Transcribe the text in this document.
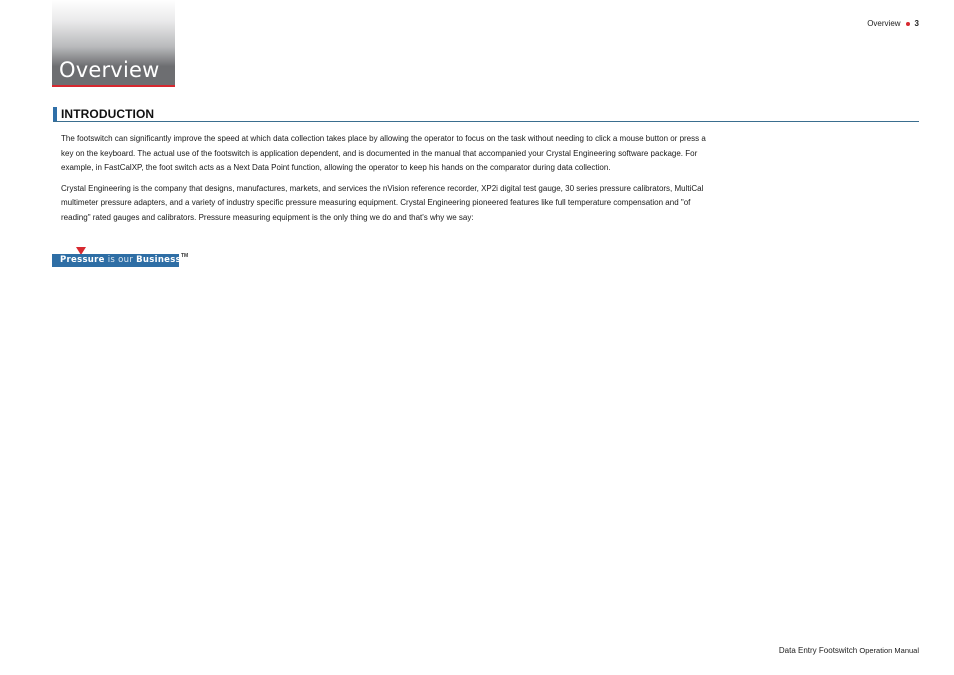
Overview
Overview 3
INTRODUCTION

The footswitch can significantly improve the speed at which data collection takes place by allowing the operator to focus on the task without needing to click a mouse button or press a key on the keyboard. The actual use of the footswitch is application dependent, and is documented in the manual that accompanied your Crystal Engineering software package. For example, in FastCalXP, the foot switch acts as a Next Data Point function, allowing the operator to keep his hands on the comparator during data collection.

Crystal Engineering is the company that designs, manufactures, markets, and services the nVision reference recorder, XP2i digital test gauge, 30 series pressure calibrators, MultiCal multimeter pressure adapters, and a variety of industry specific pressure measuring equipment. Crystal Engineering pioneered features like full temperature compensation and "of reading" rated gauges and calibrators. Pressure measuring equipment is the only thing we do and that's why we say:

Pressure is our Business TM
Data Entry Footswitch Operation Manual
